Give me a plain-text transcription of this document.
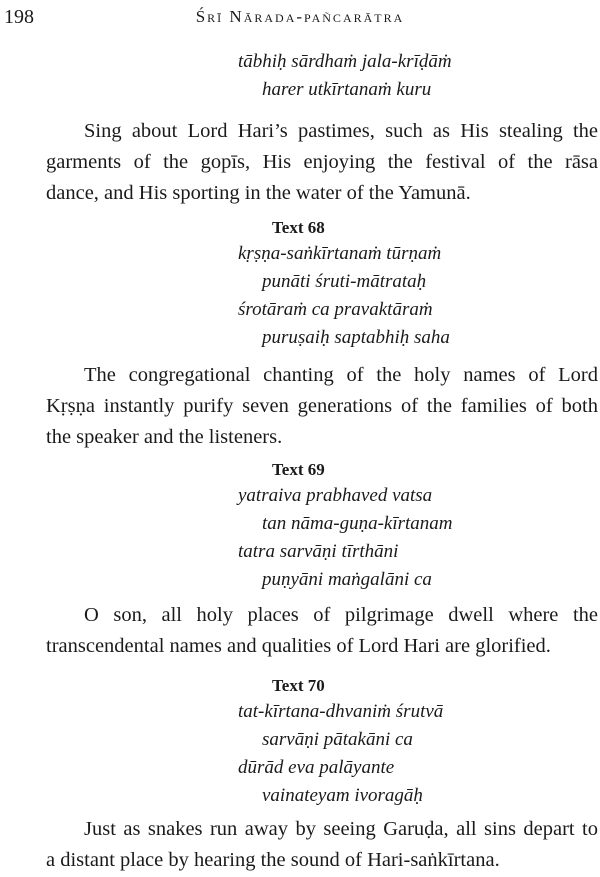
198	Śrī Nārada-pañcarātra
tābhiḥ sārdhaṁ jala-krīḍāṁ
harer utkīrtanaṁ kuru
Sing about Lord Hari’s pastimes, such as His stealing the
garments of the gopīs, His enjoying the festival of the rāsa
dance, and His sporting in the water of the Yamunā.
Text 68
kṛṣṇa-saṅkīrtanaṁ tūrṇaṁ
punāti śruti-mātrataḥ
śrotāraṁ ca pravaktāraṁ
puruṣaiḥ saptabhiḥ saha
The congregational chanting of the holy names of Lord
Kṛṣṇa instantly purify seven generations of the families of both
the speaker and the listeners.
Text 69
yatraiva prabhaved vatsa
tan nāma-guṇa-kīrtanam
tatra sarvāṇi tīrthāni
puṇyāni maṅgalāni ca
O son, all holy places of pilgrimage dwell where the
transcendental names and qualities of Lord Hari are glorified.
Text 70
tat-kīrtana-dhvaniṁ śrutvā
sarvāṇi pātakāni ca
dūrād eva palāyante
vainateyam ivoragāḥ
Just as snakes run away by seeing Garuḍa, all sins depart to
a distant place by hearing the sound of Hari-saṅkīrtana.
